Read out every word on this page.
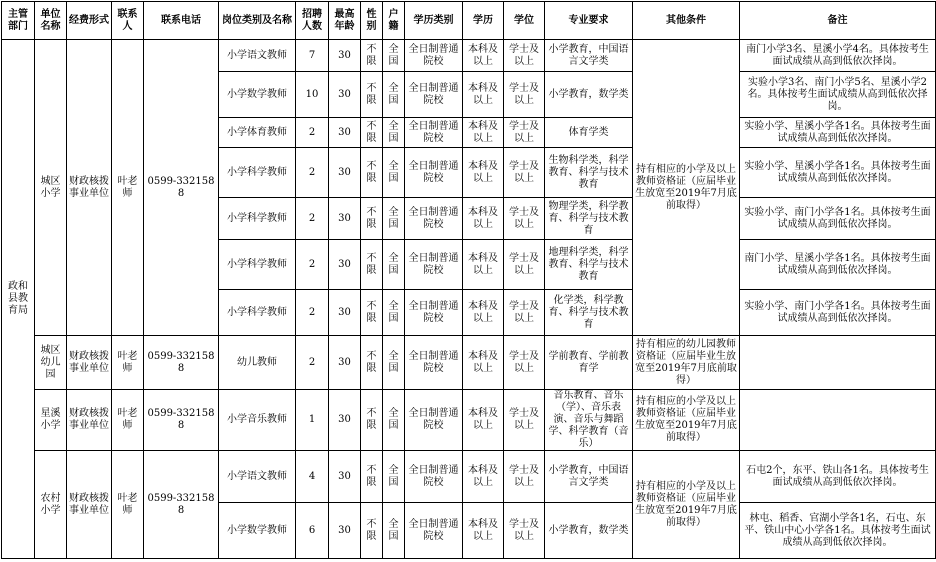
主管部门	单位名称	经费形式	联系人	联系电话	岗位类别及名称	招聘人数	最高年龄	性别	户籍	学历类别	学历	学位	专业要求	其他条件	备注
政和县教育局	城区小学	财政核拨事业单位	叶老师	0599-3321588	小学语文教师	7	30	不限	全国	全日制普通院校	本科及以上	学士及以上	小学教育，中国语言文学类	持有相应的小学及以上教师资格证（应届毕业生放宽至2019年7月底前取得）	南门小学3名、星溪小学4名。具体按考生面试成绩从高到低依次择岗。
					小学数学教师	10	30	不限	全国	全日制普通院校	本科及以上	学士及以上	小学教育，数学类		实验小学3名、南门小学5名、星溪小学2名。具体按考生面试成绩从高到低依次择岗。
					小学体育教师	2	30	不限	全国	全日制普通院校	本科及以上	学士及以上	体育学类		实验小学、星溪小学各1名。具体按考生面试成绩从高到低依次择岗。
					小学科学教师	2	30	不限	全国	全日制普通院校	本科及以上	学士及以上	生物科学类，科学教育、科学与技术教育		实验小学、星溪小学各1名。具体按考生面试成绩从高到低依次择岗。
					小学科学教师	2	30	不限	全国	全日制普通院校	本科及以上	学士及以上	物理学类，科学教育、科学与技术教育		实验小学、南门小学各1名。具体按考生面试成绩从高到低依次择岗。
					小学科学教师	2	30	不限	全国	全日制普通院校	本科及以上	学士及以上	地理科学类，科学教育、科学与技术教育		南门小学、星溪小学各1名。具体按考生面试成绩从高到低依次择岗。
					小学科学教师	2	30	不限	全国	全日制普通院校	本科及以上	学士及以上	化学类，科学教育、科学与技术教育		实验小学、南门小学各1名。具体按考生面试成绩从高到低依次择岗。
	城区幼儿园	财政核拨事业单位	叶老师	0599-3321588	幼儿教师	2	30	不限	全国	全日制普通院校	本科及以上	学士及以上	学前教育、学前教育学	持有相应的幼儿园教师资格证（应届毕业生放宽至2019年7月底前取得）	
	星溪小学	财政核拨事业单位	叶老师	0599-3321588	小学音乐教师	1	30	不限	全国	全日制普通院校	本科及以上	学士及以上	音乐教育、音乐（学）、音乐表演、音乐与舞蹈学、科学教育（音乐）	持有相应的小学及以上教师资格证（应届毕业生放宽至2019年7月底前取得）	
	农村小学	财政核拨事业单位	叶老师	0599-3321588	小学语文教师	4	30	不限	全国	全日制普通院校	本科及以上	学士及以上	小学教育，中国语言文学类	持有相应的小学及以上教师资格证（应届毕业生放宽至2019年7月底前取得）	石屯2个，东平、铁山各1名。具体按考生面试成绩从高到低依次择岗。
					小学数学教师	6	30	不限	全国	全日制普通院校	本科及以上	学士及以上	小学教育，数学类		林屯、稻香、官湖小学各1名，石屯、东平、铁山中心小学各1名。具体按考生面试成绩从高到低依次择岗。
